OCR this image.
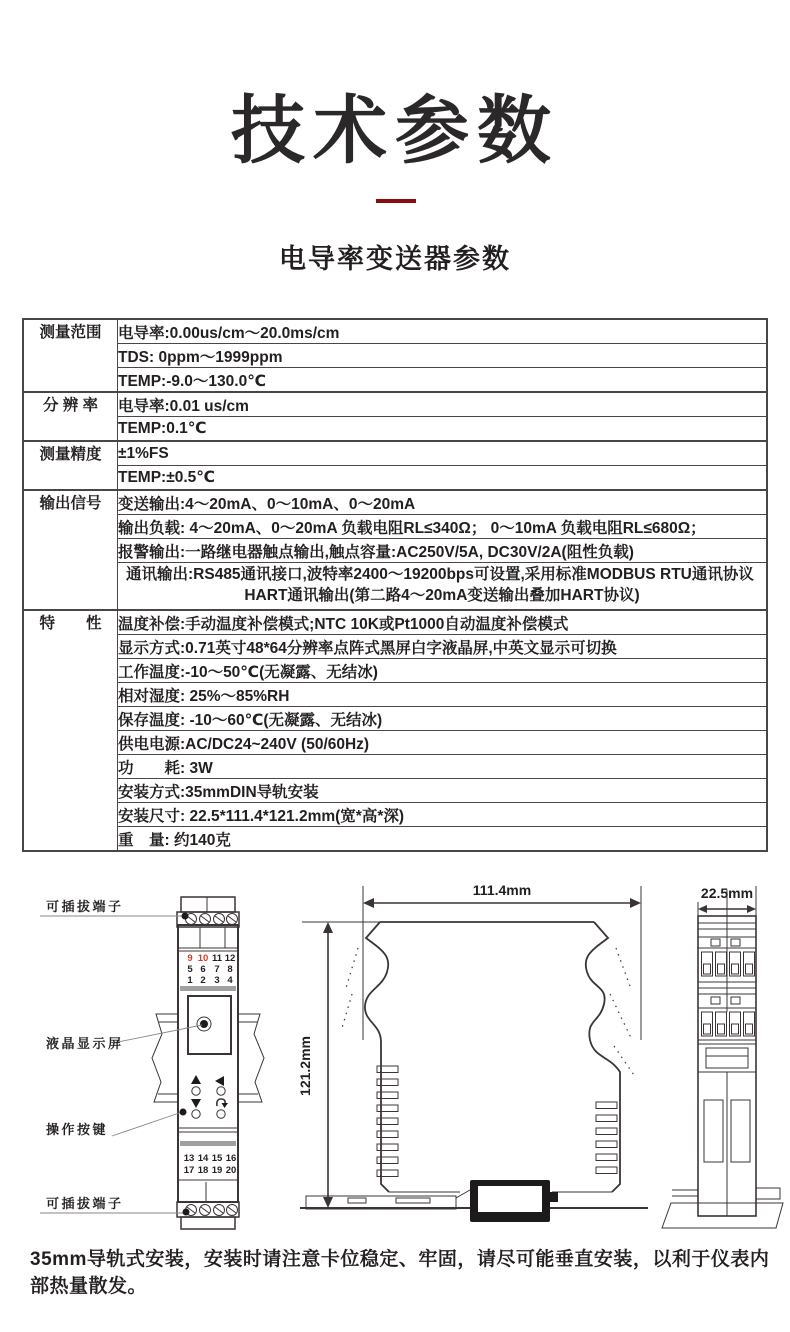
技术参数
电导率变送器参数
测量范围	电导率:0.00us/cm～20.0ms/cm
	TDS: 0ppm～1999ppm
	TEMP:-9.0～130.0℃
分 辨 率	电导率:0.01 us/cm
	TEMP:0.1℃
测量精度	±1%FS
	TEMP:±0.5℃
输出信号	变送输出:4～20mA、0～10mA、0～20mA
	输出负载: 4～20mA、0～20mA 负载电阻RL≤340Ω； 0～10mA 负载电阻RL≤680Ω；
	报警输出:一路继电器触点输出,触点容量:AC250V/5A, DC30V/2A(阻性负载)

	通讯输出:RS485通讯接口,波特率2400～19200bps可设置,采用标准MODBUS RTU通讯协议
HART通讯输出(第二路4～20mA变送输出叠加HART协议)

特　　性	温度补偿:手动温度补偿模式;NTC 10K或Pt1000自动温度补偿模式
	显示方式:0.71英寸48*64分辨率点阵式黑屏白字液晶屏,中英文显示可切换
	工作温度:-10～50℃(无凝露、无结冰)
	相对湿度: 25%～85%RH
	保存温度: -10～60℃(无凝露、无结冰)
	供电电源:AC/DC24~240V (50/60Hz)
	功　　耗: 3W
	安装方式:35mmDIN导轨安装
	安装尺寸: 22.5*111.4*121.2mm(宽*高*深)
	重　量: 约140克
9 10 11 12
5 6 7 8
1 2 3 4
13 14 15 16
17 18 19 20
可插拔端子
液晶显示屏
操作按键
可插拔端子
111.4mm
121.2mm
22.5mm
35mm导轨式安装，安装时请注意卡位稳定、牢固，请尽可能垂直安装，以利于仪表内部热量散发。
